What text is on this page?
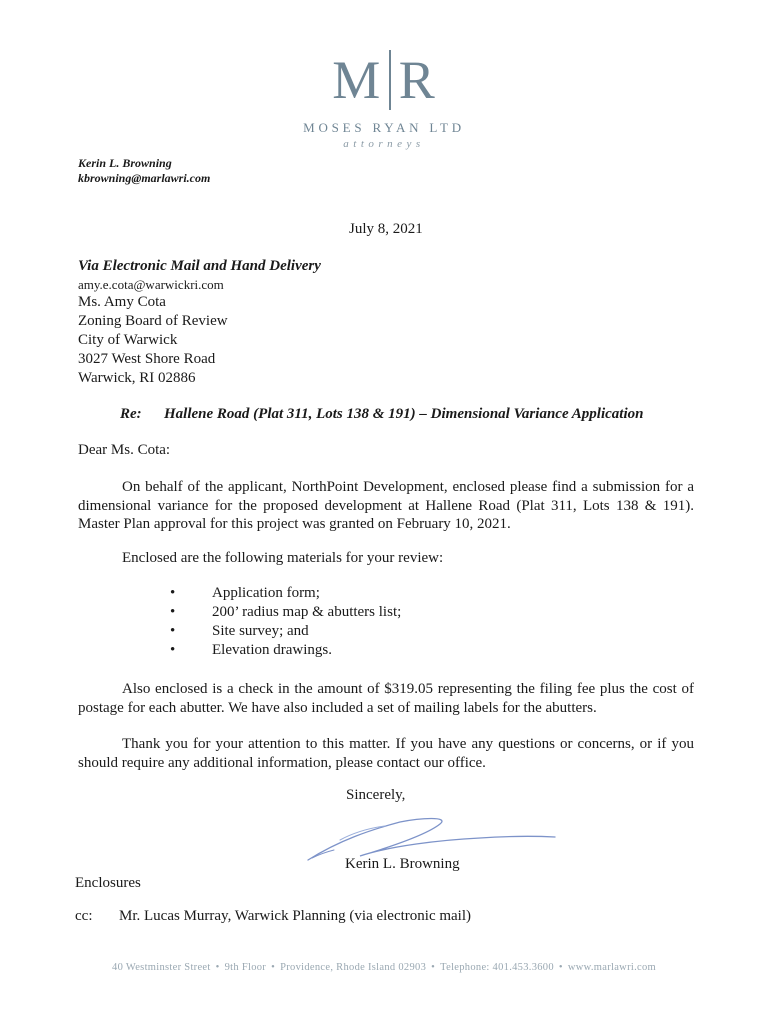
M R
MOSES RYAN LTD
attorneys
Kerin L. Browning
kbrowning@marlawri.com
July 8, 2021
Via Electronic Mail and Hand Delivery
amy.e.cota@warwickri.com
Ms. Amy Cota
Zoning Board of Review
City of Warwick
3027 West Shore Road
Warwick, RI 02886
Re: Hallene Road (Plat 311, Lots 138 & 191) – Dimensional Variance Application
Dear Ms. Cota:
On behalf of the applicant, NorthPoint Development, enclosed please find a submission for a dimensional variance for the proposed development at Hallene Road (Plat 311, Lots 138 & 191). Master Plan approval for this project was granted on February 10, 2021.
Enclosed are the following materials for your review:
• Application form;
• 200’ radius map & abutters list;
• Site survey; and
• Elevation drawings.
Also enclosed is a check in the amount of $319.05 representing the filing fee plus the cost of postage for each abutter. We have also included a set of mailing labels for the abutters.
Thank you for your attention to this matter. If you have any questions or concerns, or if you should require any additional information, please contact our office.
Sincerely,
Kerin L. Browning
Enclosures
cc: Mr. Lucas Murray, Warwick Planning (via electronic mail)
40 Westminster Street • 9th Floor • Providence, Rhode Island 02903 • Telephone: 401.453.3600 • www.marlawri.com
